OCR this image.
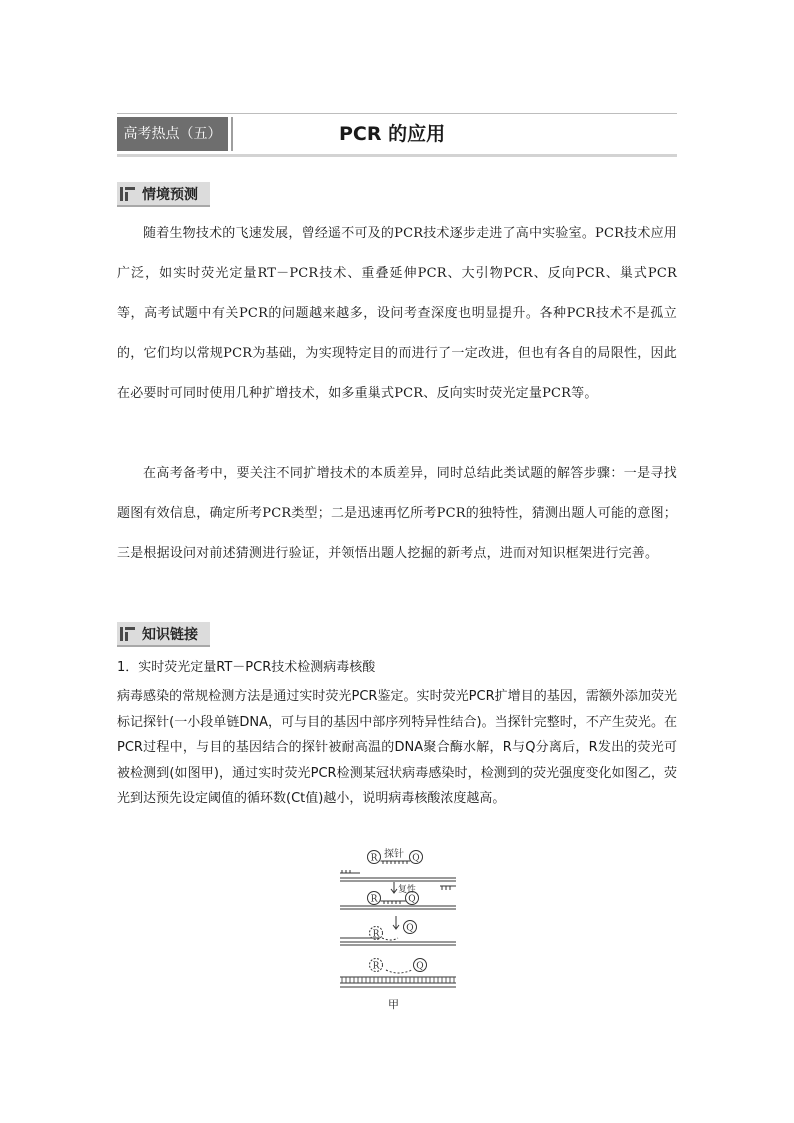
高考热点（五）	PCR 的应用
情境预测

随着生物技术的飞速发展，曾经遥不可及的PCR技术逐步走进了高中实验室。PCR技术应用广泛，如实时荧光定量RT－PCR技术、重叠延伸PCR、大引物PCR、反向PCR、巢式PCR等，高考试题中有关PCR的问题越来越多，设问考查深度也明显提升。各种PCR技术不是孤立的，它们均以常规PCR为基础，为实现特定目的而进行了一定改进，但也有各自的局限性，因此在必要时可同时使用几种扩增技术，如多重巢式PCR、反向实时荧光定量PCR等。

在高考备考中，要关注不同扩增技术的本质差异，同时总结此类试题的解答步骤：一是寻找题图有效信息，确定所考PCR类型；二是迅速再忆所考PCR的独特性，猜测出题人可能的意图；三是根据设问对前述猜测进行验证，并领悟出题人挖掘的新考点，进而对知识框架进行完善。

知识链接
1．实时荧光定量RT－PCR技术检测病毒核酸

病毒感染的常规检测方法是通过实时荧光PCR鉴定。实时荧光PCR扩增目的基因，需额外添加荧光标记探针(一小段单链DNA，可与目的基因中部序列特异性结合)。当探针完整时，不产生荧光。在PCR过程中，与目的基因结合的探针被耐高温的DNA聚合酶水解，R与Q分离后，R发出的荧光可被检测到(如图甲)，通过实时荧光PCR检测某冠状病毒感染时，检测到的荧光强度变化如图乙，荧光到达预先设定阈值的循环数(Ct值)越小，说明病毒核酸浓度越高。

R	Q
探针
R	Q
复性
R
Q
R	Q
甲
